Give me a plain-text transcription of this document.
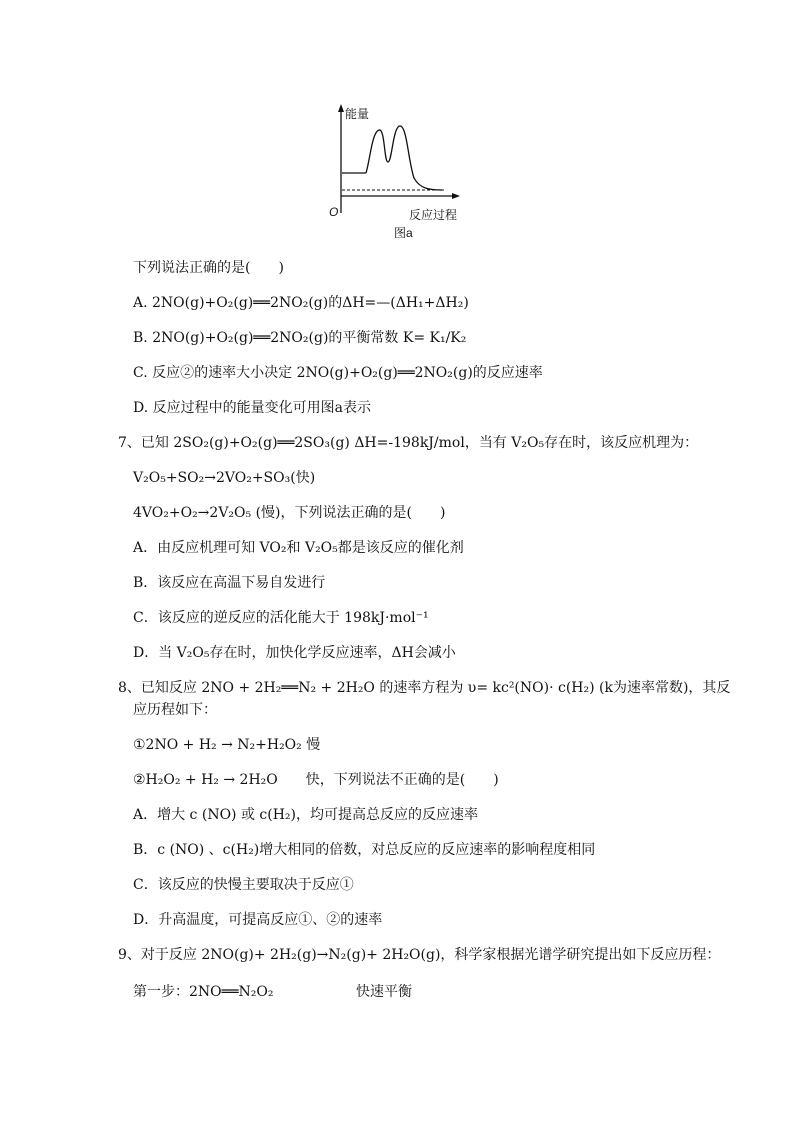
能量
O	反应过程
图a
下列说法正确的是(　　)
A. 2NO(g)+O₂(g)══2NO₂(g)的ΔH=—(ΔH₁+ΔH₂)
B. 2NO(g)+O₂(g)══2NO₂(g)的平衡常数 K= K₁/K₂
C. 反应②的速率大小决定 2NO(g)+O₂(g)══2NO₂(g)的反应速率
D. 反应过程中的能量变化可用图a表示
7、已知 2SO₂(g)+O₂(g)══2SO₃(g) ΔH=-198kJ/mol，当有 V₂O₅存在时，该反应机理为：
V₂O₅+SO₂→2VO₂+SO₃(快)
4VO₂+O₂→2V₂O₅ (慢)，下列说法正确的是(　　)
A．由反应机理可知 VO₂和 V₂O₅都是该反应的催化剂
B．该反应在高温下易自发进行
C．该反应的逆反应的活化能大于 198kJ·mol⁻¹
D．当 V₂O₅存在时，加快化学反应速率，ΔH会减小
8、已知反应 2NO + 2H₂══N₂ + 2H₂O 的速率方程为 υ= kc²(NO)· c(H₂) (k为速率常数)，其反
应历程如下：
①2NO + H₂ → N₂+H₂O₂ 慢
②H₂O₂ + H₂ → 2H₂O　　快，下列说法不正确的是(　　)
A．增大 c (NO) 或 c(H₂)，均可提高总反应的反应速率
B．c (NO) 、c(H₂)增大相同的倍数，对总反应的反应速率的影响程度相同
C．该反应的快慢主要取决于反应①
D．升高温度，可提高反应①、②的速率
9、对于反应 2NO(g)+ 2H₂(g)→N₂(g)+ 2H₂O(g)，科学家根据光谱学研究提出如下反应历程：
第一步：2NO══N₂O₂	快速平衡
